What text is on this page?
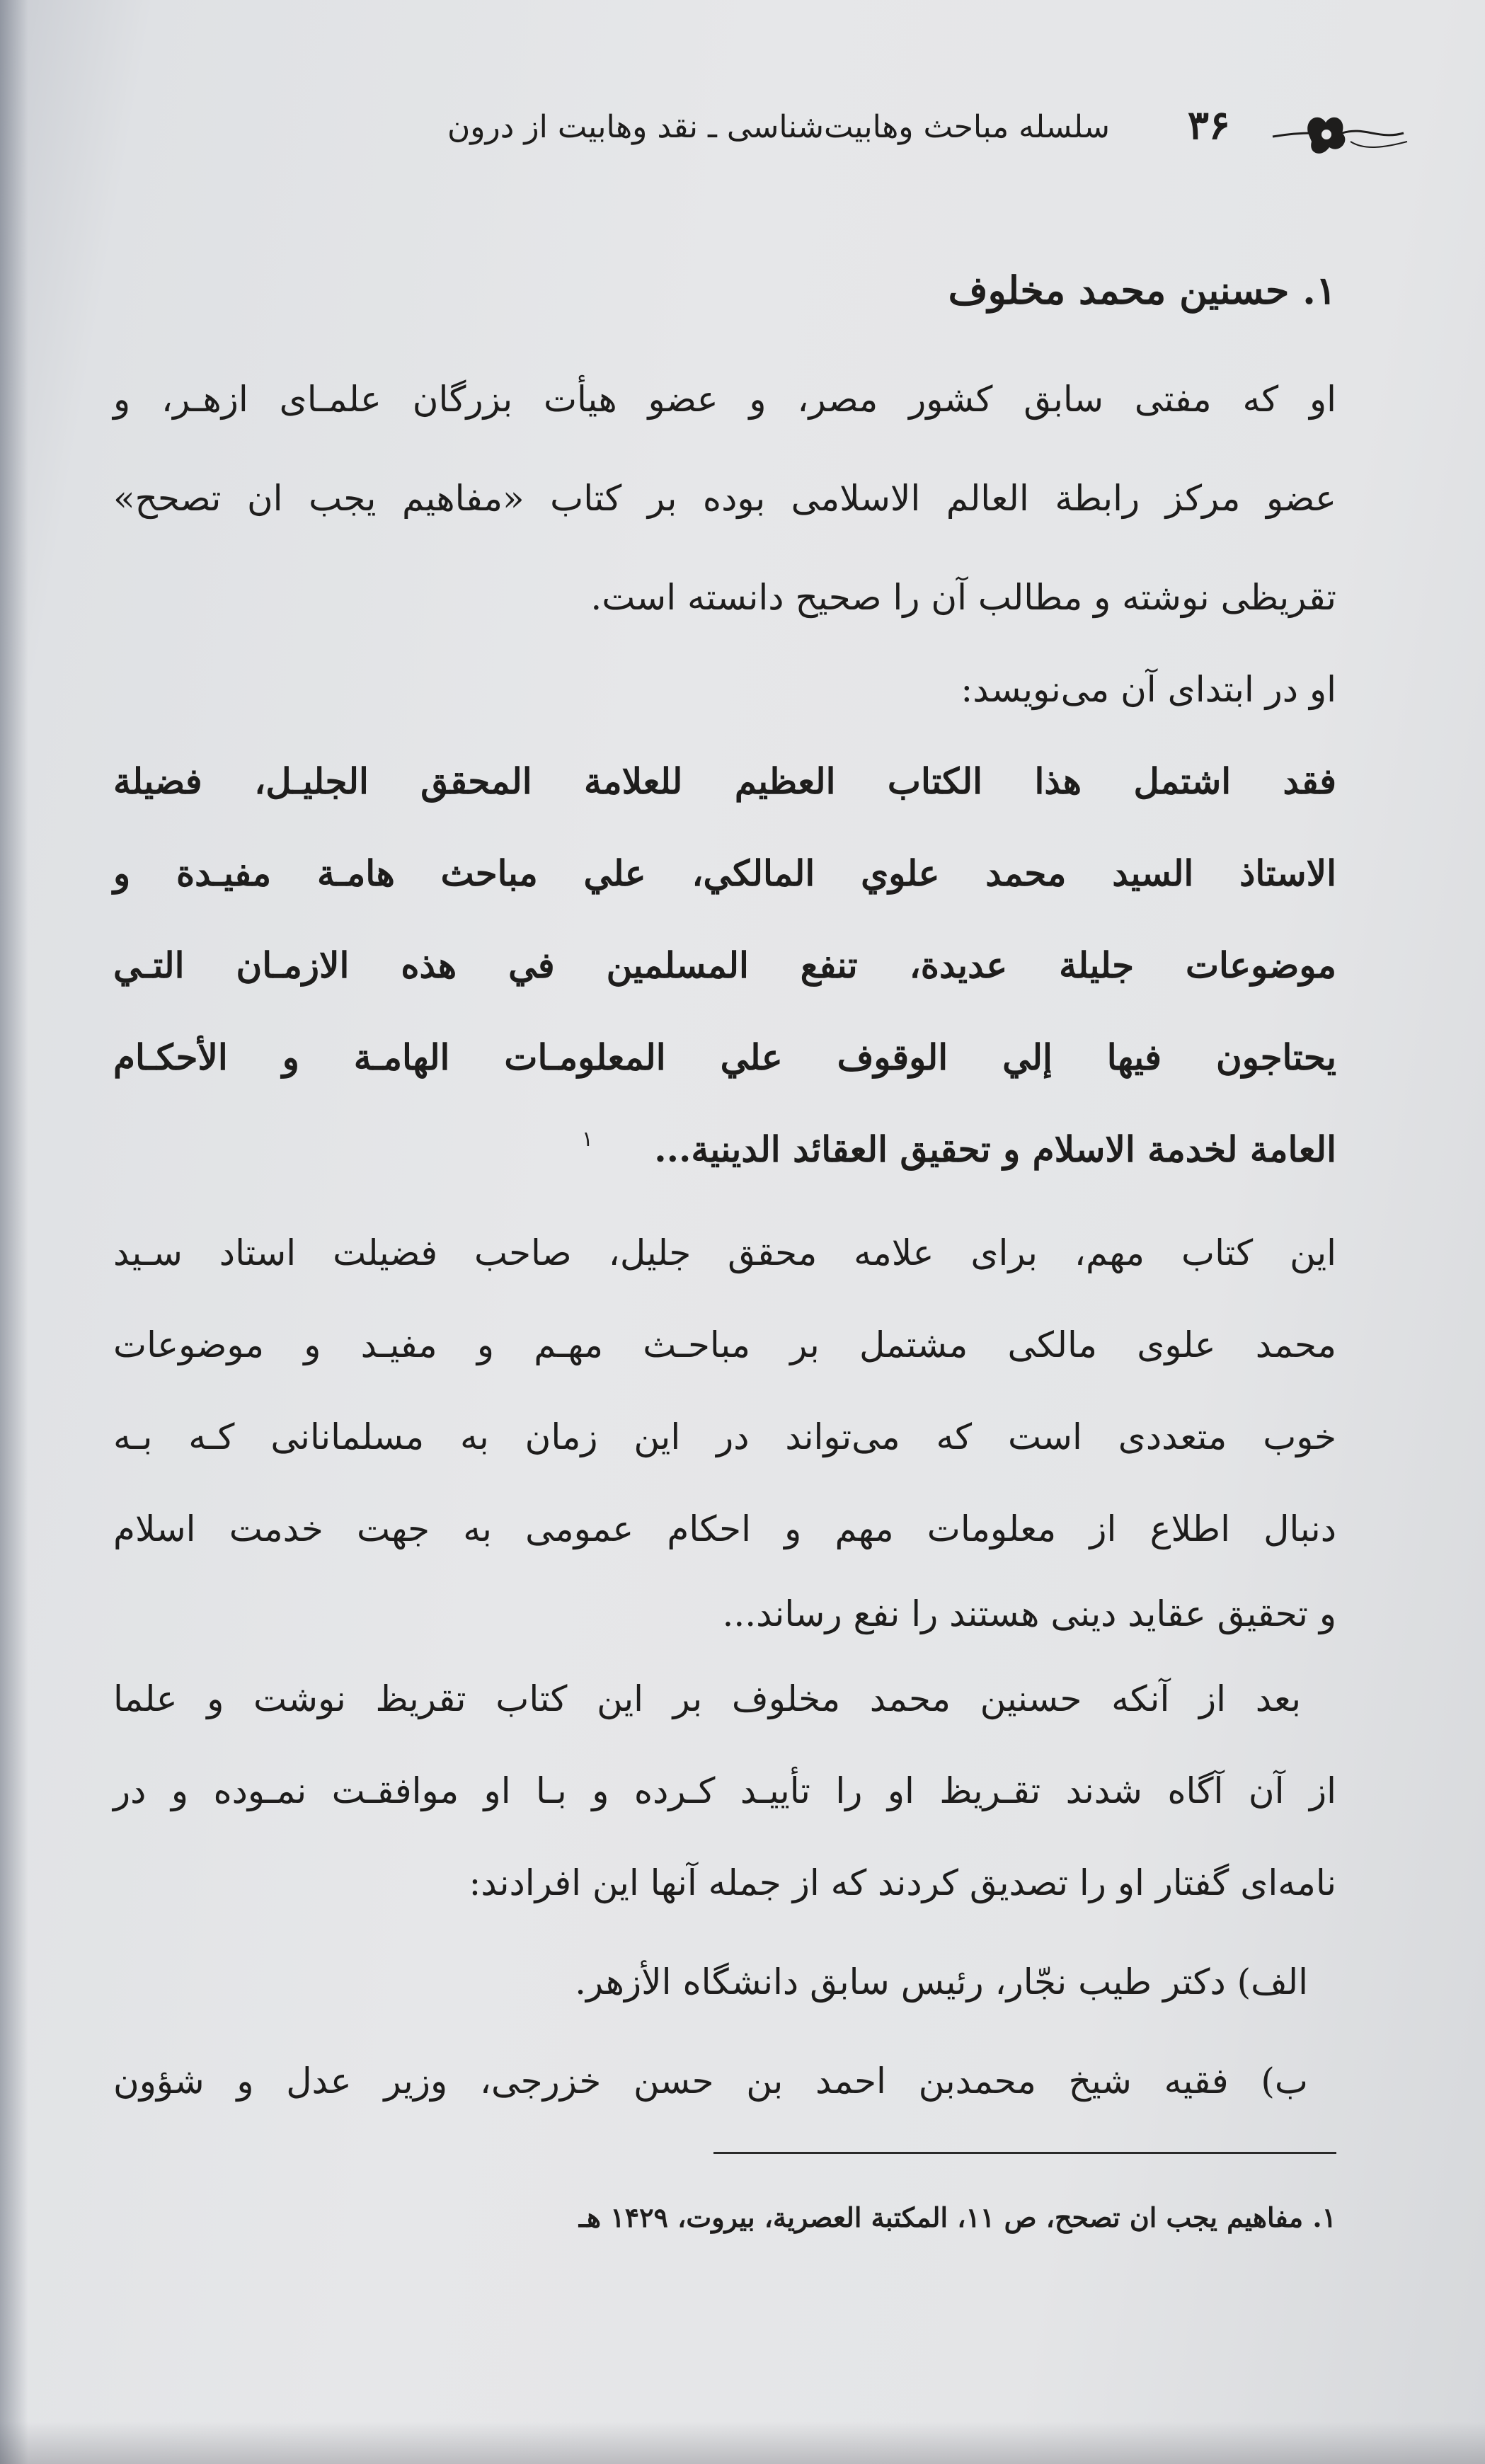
۳۶
سلسله مباحث وهابیت‌شناسی ـ نقد وهابیت از درون
۱. حسنین محمد مخلوف
او که مفتی سابق کشور مصر، و عضو هیأت بزرگان علمـای ازهـر، و
عضو مرکز رابطة العالم الاسلامی بوده بر کتاب «مفاهیم یجب ان تصحح»
تقریظی نوشته و مطالب آن را صحیح دانسته است.
او در ابتدای آن می‌نویسد:
فقد اشتمل هذا الكتاب العظيم للعلامة المحقق الجليـل، فضيلة
الاستاذ السيد محمد علوي المالكي، علي مباحث هامـة مفيـدة و
موضوعات جليلة عديدة، تنفع المسلمين في هذه الازمـان التـي
يحتاجون فيها إلي الوقوف علي المعلومـات الهامـة و الأحكـام
العامة لخدمة الاسلام و تحقيق العقائد الدينية...
۱
این کتاب مهم، برای علامه محقق جلیل، صاحب فضیلت استاد سـید
محمد علوی مالکی مشتمل بر مباحـث مهـم و مفیـد و موضوعات
خوب متعددی است که می‌تواند در این زمان به مسلمانانی کـه بـه
دنبال اطلاع از معلومات مهم و احکام عمومی به جهت خدمت اسلام
و تحقیق عقاید دینی هستند را نفع رساند...
بعد از آنکه حسنین محمد مخلوف بر این کتاب تقریظ نوشت و علما
از آن آگاه شدند تقـریظ او را تأییـد کـرده و بـا او موافقـت نمـوده و در
نامه‌ای گفتار او را تصدیق کردند که از جمله آنها این افرادند:
الف) دکتر طیب نجّار، رئیس سابق دانشگاه الأزهر.
ب) فقیه شیخ محمدبن احمد بن حسن خزرجی، وزیر عدل و شؤون
۱. مفاهیم یجب ان تصحح، ص ۱۱، المکتبة العصریة، بیروت، ۱۴۲۹ هـ
